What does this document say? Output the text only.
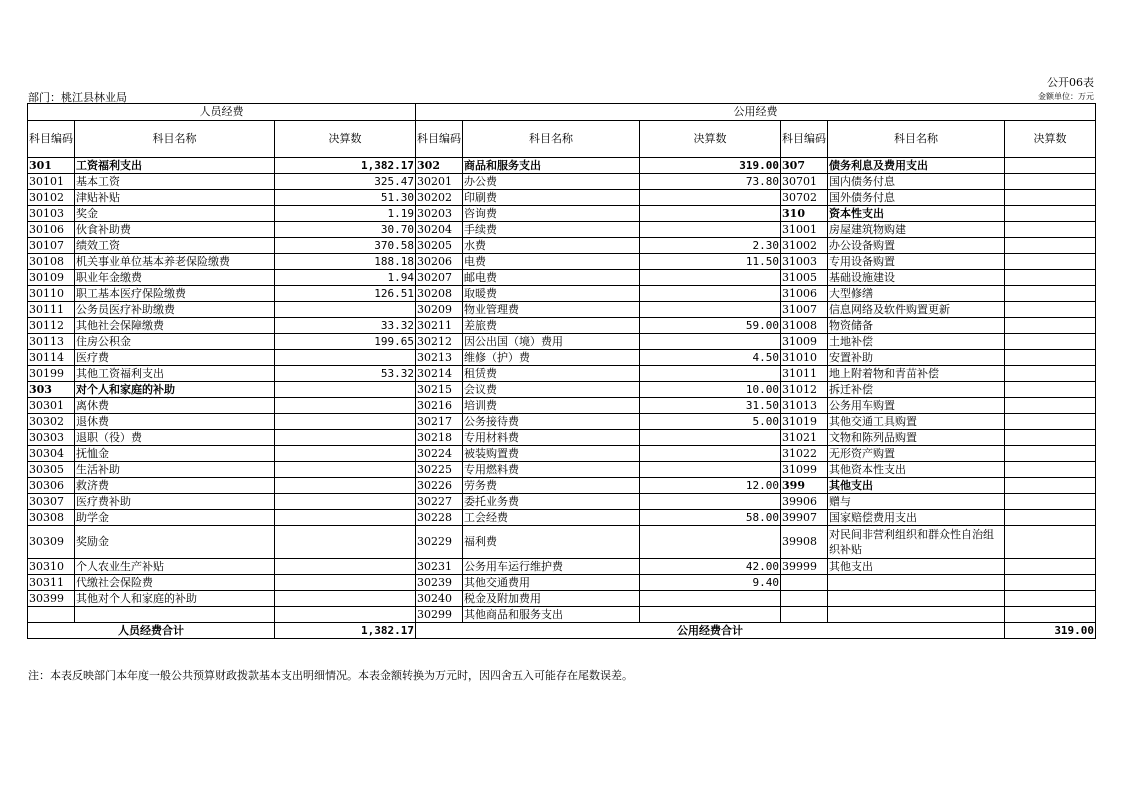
公开06表
部门：桃江县林业局	金额单位：万元
人员经费			公用经费					
科目编码	科目名称	决算数	科目编码	科目名称	决算数	科目编码	科目名称	决算数
301	工资福利支出	1,382.17	302	商品和服务支出	319.00	307	债务利息及费用支出	
30101	基本工资	325.47	30201	办公费	73.80	30701	国内债务付息	
30102	津贴补贴	51.30	30202	印刷费		30702	国外债务付息	
30103	奖金	1.19	30203	咨询费		310	资本性支出	
30106	伙食补助费	30.70	30204	手续费		31001	房屋建筑物购建	
30107	绩效工资	370.58	30205	水费	2.30	31002	办公设备购置	
30108	机关事业单位基本养老保险缴费	188.18	30206	电费	11.50	31003	专用设备购置	
30109	职业年金缴费	1.94	30207	邮电费		31005	基础设施建设	
30110	职工基本医疗保险缴费	126.51	30208	取暖费		31006	大型修缮	
30111	公务员医疗补助缴费		30209	物业管理费		31007	信息网络及软件购置更新	
30112	其他社会保障缴费	33.32	30211	差旅费	59.00	31008	物资储备	
30113	住房公积金	199.65	30212	因公出国（境）费用		31009	土地补偿	
30114	医疗费		30213	维修（护）费	4.50	31010	安置补助	
30199	其他工资福利支出	53.32	30214	租赁费		31011	地上附着物和青苗补偿	
303	对个人和家庭的补助		30215	会议费	10.00	31012	拆迁补偿	
30301	离休费		30216	培训费	31.50	31013	公务用车购置	
30302	退休费		30217	公务接待费	5.00	31019	其他交通工具购置	
30303	退职（役）费		30218	专用材料费		31021	文物和陈列品购置	
30304	抚恤金		30224	被装购置费		31022	无形资产购置	
30305	生活补助		30225	专用燃料费		31099	其他资本性支出	
30306	救济费		30226	劳务费	12.00	399	其他支出	
30307	医疗费补助		30227	委托业务费		39906	赠与	
30308	助学金		30228	工会经费	58.00	39907	国家赔偿费用支出	
30309	奖励金		30229	福利费		39908	对民间非营利组织和群众性自治组织补贴	
30310	个人农业生产补贴		30231	公务用车运行维护费	42.00	39999	其他支出	
30311	代缴社会保险费		30239	其他交通费用	9.40			
30399	其他对个人和家庭的补助		30240	税金及附加费用				
			30299	其他商品和服务支出				
人员经费合计		1,382.17	公用经费合计					319.00
注：本表反映部门本年度一般公共预算财政拨款基本支出明细情况。本表金额转换为万元时，因四舍五入可能存在尾数误差。
